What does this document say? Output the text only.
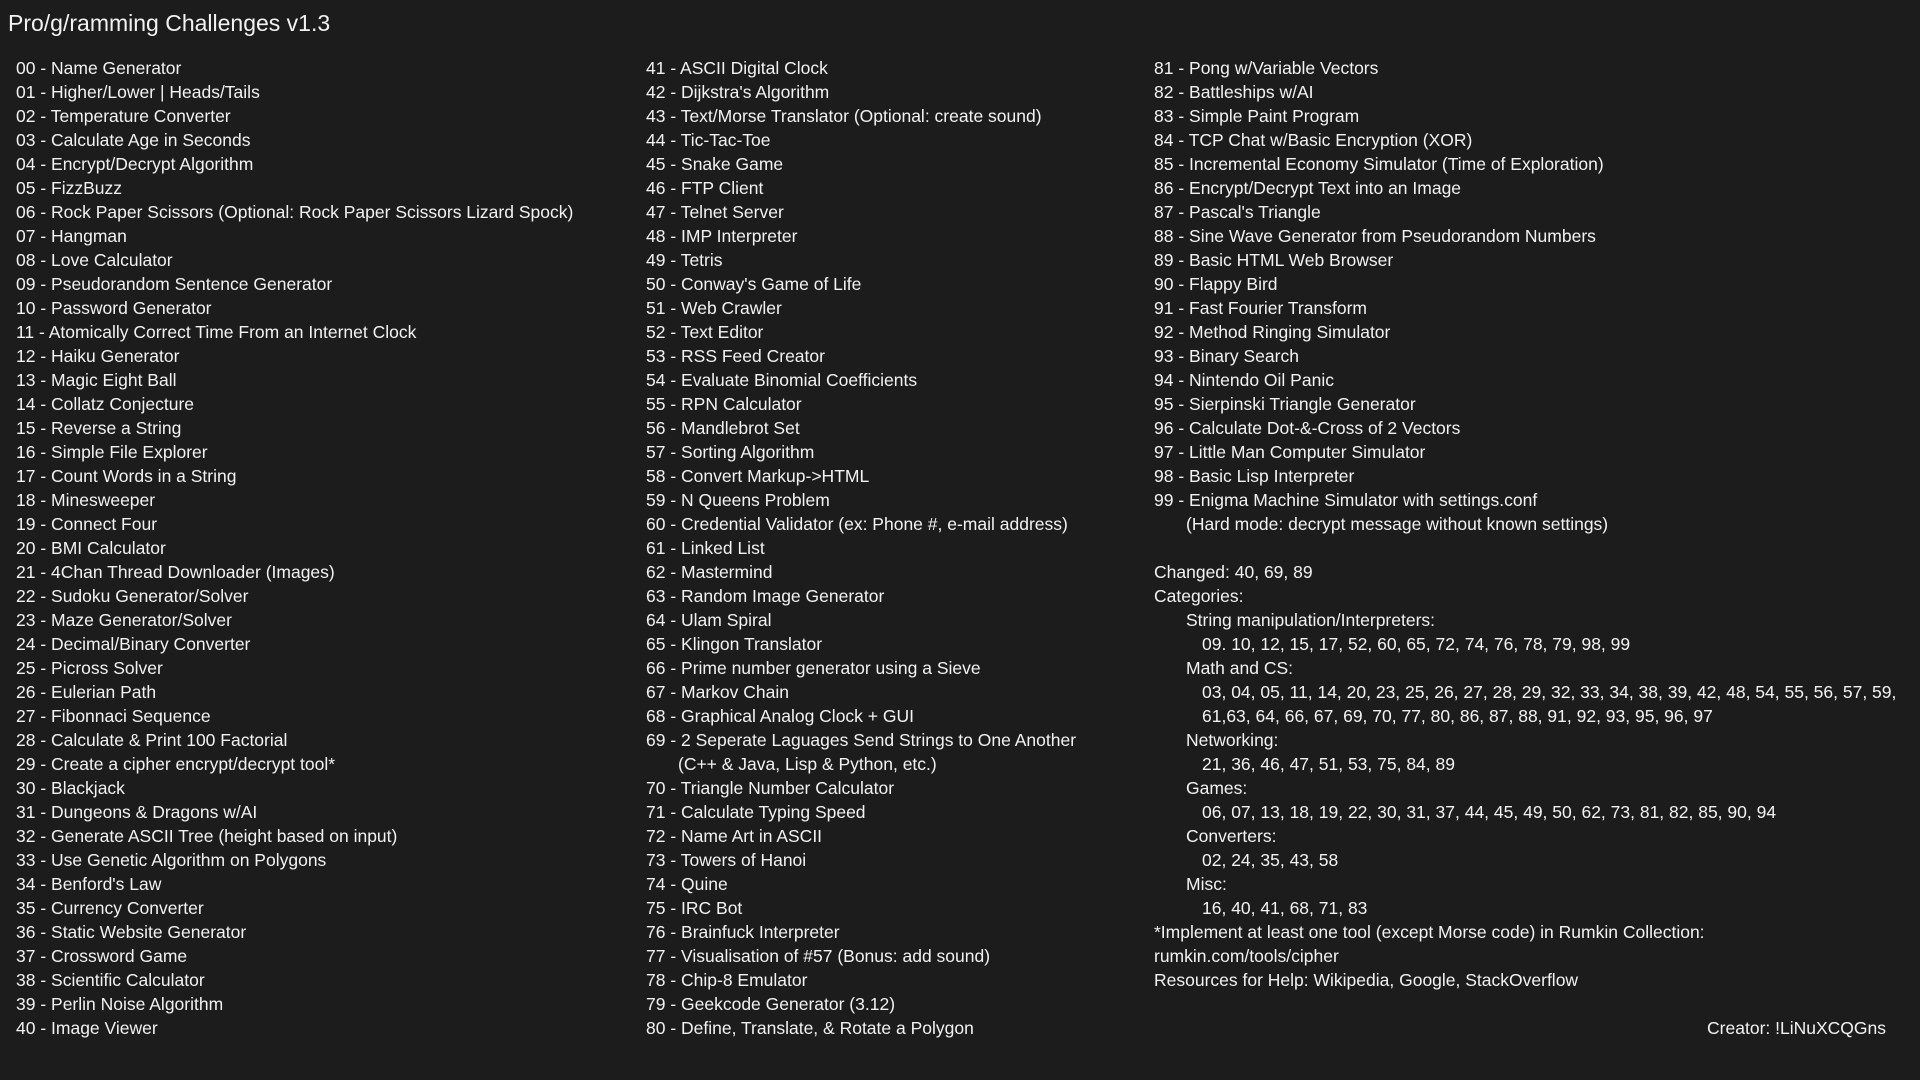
Pro/g/ramming Challenges v1.3
00 - Name Generator
01 - Higher/Lower | Heads/Tails
02 - Temperature Converter
03 - Calculate Age in Seconds
04 - Encrypt/Decrypt Algorithm
05 - FizzBuzz
06 - Rock Paper Scissors (Optional: Rock Paper Scissors Lizard Spock)
07 - Hangman
08 - Love Calculator
09 - Pseudorandom Sentence Generator
10 - Password Generator
11 - Atomically Correct Time From an Internet Clock
12 - Haiku Generator
13 - Magic Eight Ball
14 - Collatz Conjecture
15 - Reverse a String
16 - Simple File Explorer
17 - Count Words in a String
18 - Minesweeper
19 - Connect Four
20 - BMI Calculator
21 - 4Chan Thread Downloader (Images)
22 - Sudoku Generator/Solver
23 - Maze Generator/Solver
24 - Decimal/Binary Converter
25 - Picross Solver
26 - Eulerian Path
27 - Fibonnaci Sequence
28 - Calculate & Print 100 Factorial
29 - Create a cipher encrypt/decrypt tool*
30 - Blackjack
31 - Dungeons & Dragons w/AI
32 - Generate ASCII Tree (height based on input)
33 - Use Genetic Algorithm on Polygons
34 - Benford's Law
35 - Currency Converter
36 - Static Website Generator
37 - Crossword Game
38 - Scientific Calculator
39 - Perlin Noise Algorithm
40 - Image Viewer
41 - ASCII Digital Clock
42 - Dijkstra's Algorithm
43 - Text/Morse Translator (Optional: create sound)
44 - Tic-Tac-Toe
45 - Snake Game
46 - FTP Client
47 - Telnet Server
48 - IMP Interpreter
49 - Tetris
50 - Conway's Game of Life
51 - Web Crawler
52 - Text Editor
53 - RSS Feed Creator
54 - Evaluate Binomial Coefficients
55 - RPN Calculator
56 - Mandlebrot Set
57 - Sorting Algorithm
58 - Convert Markup->HTML
59 - N Queens Problem
60 - Credential Validator (ex: Phone #, e-mail address)
61 - Linked List
62 - Mastermind
63 - Random Image Generator
64 - Ulam Spiral
65 - Klingon Translator
66 - Prime number generator using a Sieve
67 - Markov Chain
68 - Graphical Analog Clock + GUI
69 - 2 Seperate Laguages Send Strings to One Another
(C++ & Java, Lisp & Python, etc.)
70 - Triangle Number Calculator
71 - Calculate Typing Speed
72 - Name Art in ASCII
73 - Towers of Hanoi
74 - Quine
75 - IRC Bot
76 - Brainfuck Interpreter
77 - Visualisation of #57 (Bonus: add sound)
78 - Chip-8 Emulator
79 - Geekcode Generator (3.12)
80 - Define, Translate, & Rotate a Polygon
81 - Pong w/Variable Vectors
82 - Battleships w/AI
83 - Simple Paint Program
84 - TCP Chat w/Basic Encryption (XOR)
85 - Incremental Economy Simulator (Time of Exploration)
86 - Encrypt/Decrypt Text into an Image
87 - Pascal's Triangle
88 - Sine Wave Generator from Pseudorandom Numbers
89 - Basic HTML Web Browser
90 - Flappy Bird
91 - Fast Fourier Transform
92 - Method Ringing Simulator
93 - Binary Search
94 - Nintendo Oil Panic
95 - Sierpinski Triangle Generator
96 - Calculate Dot-&-Cross of 2 Vectors
97 - Little Man Computer Simulator
98 - Basic Lisp Interpreter
99 - Enigma Machine Simulator with settings.conf
(Hard mode: decrypt message without known settings)
Changed: 40, 69, 89
Categories:
String manipulation/Interpreters:
09. 10, 12, 15, 17, 52, 60, 65, 72, 74, 76, 78, 79, 98, 99
Math and CS:
03, 04, 05, 11, 14, 20, 23, 25, 26, 27, 28, 29, 32, 33, 34, 38, 39, 42, 48, 54, 55, 56, 57, 59,
61,63, 64, 66, 67, 69, 70, 77, 80, 86, 87, 88, 91, 92, 93, 95, 96, 97
Networking:
21, 36, 46, 47, 51, 53, 75, 84, 89
Games:
06, 07, 13, 18, 19, 22, 30, 31, 37, 44, 45, 49, 50, 62, 73, 81, 82, 85, 90, 94
Converters:
02, 24, 35, 43, 58
Misc:
16, 40, 41, 68, 71, 83
*Implement at least one tool (except Morse code) in Rumkin Collection:
rumkin.com/tools/cipher
Resources for Help: Wikipedia, Google, StackOverflow
Creator: !LiNuXCQGns
